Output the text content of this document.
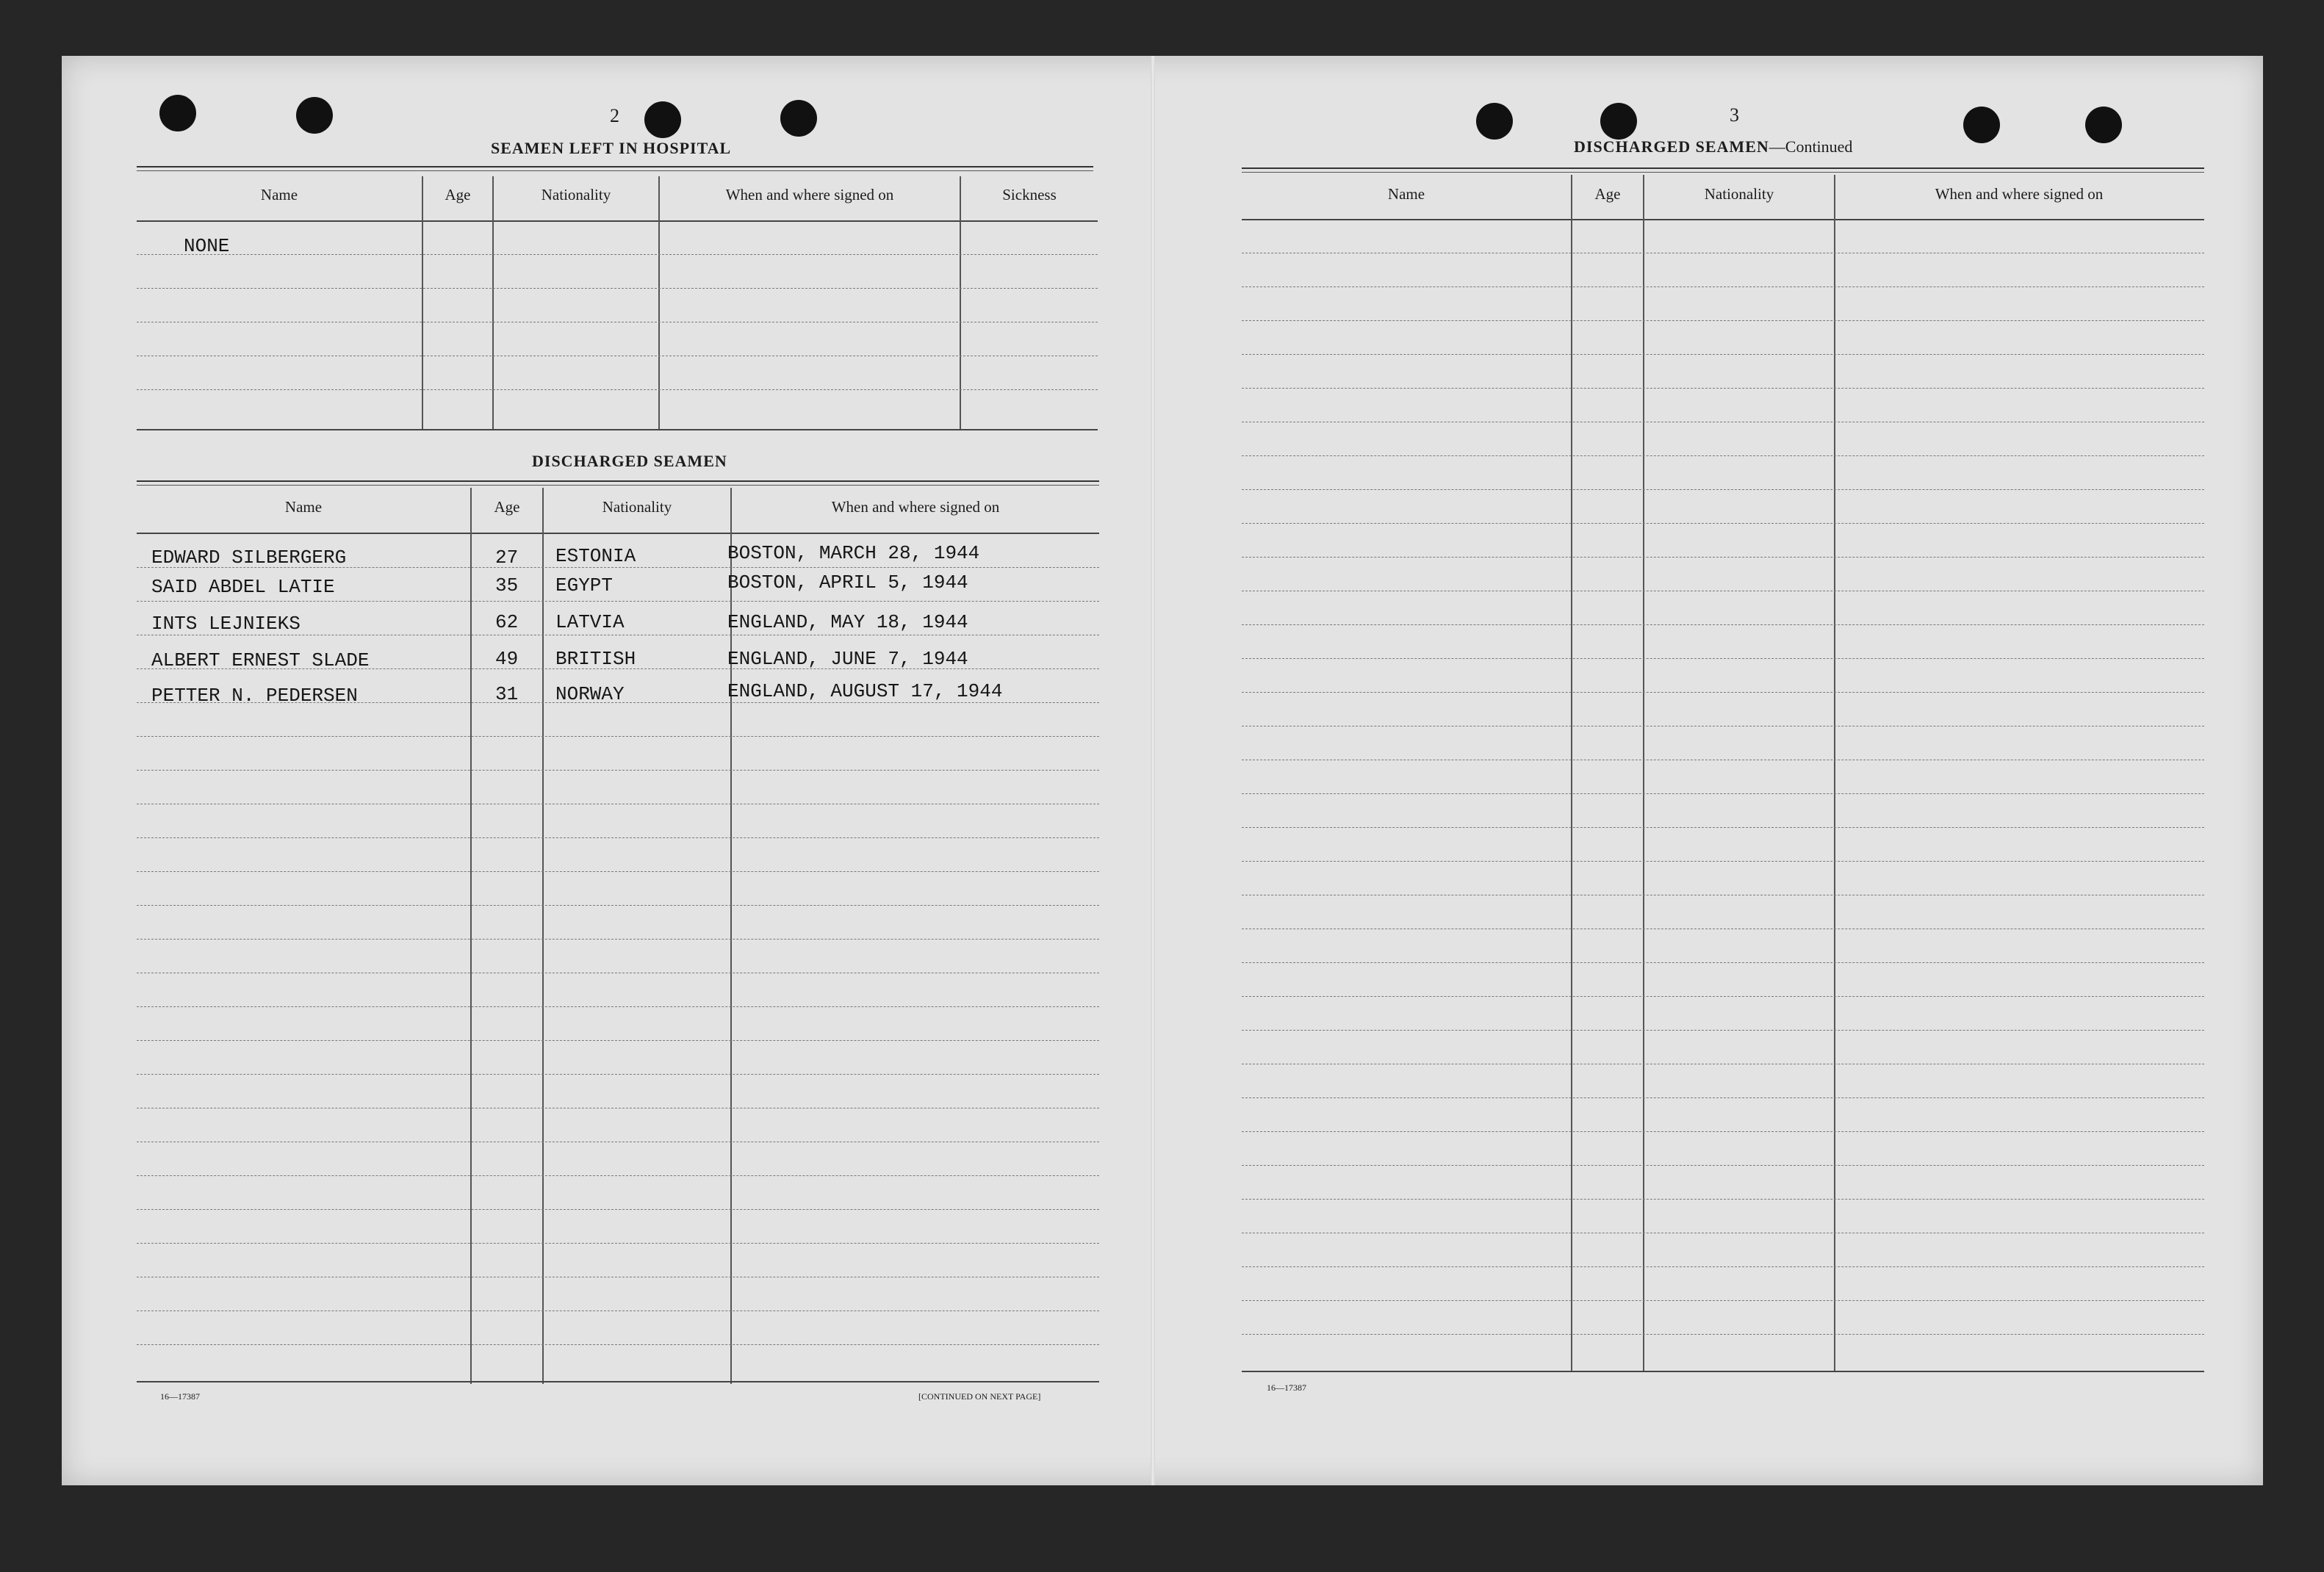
2
SEAMEN LEFT IN HOSPITAL
Name	Age	Nationality	When and where signed on	Sickness
NONE
DISCHARGED SEAMEN
Name	Age	Nationality	When and where signed on
EDWARD SILBERGERG	27 ESTONIA	BOSTON, MARCH 28, 1944
SAID ABDEL LATIE	35 EGYPT	BOSTON, APRIL 5, 1944
INTS LEJNIEKS	62 LATVIA	ENGLAND, MAY 18, 1944
ALBERT ERNEST SLADE	49 BRITISH	ENGLAND, JUNE 7, 1944
PETTER N. PEDERSEN	31 NORWAY	ENGLAND, AUGUST 17, 1944
16—17387	[CONTINUED ON NEXT PAGE]
3
DISCHARGED SEAMEN—Continued
Name	Age	Nationality	When and where signed on
16—17387
